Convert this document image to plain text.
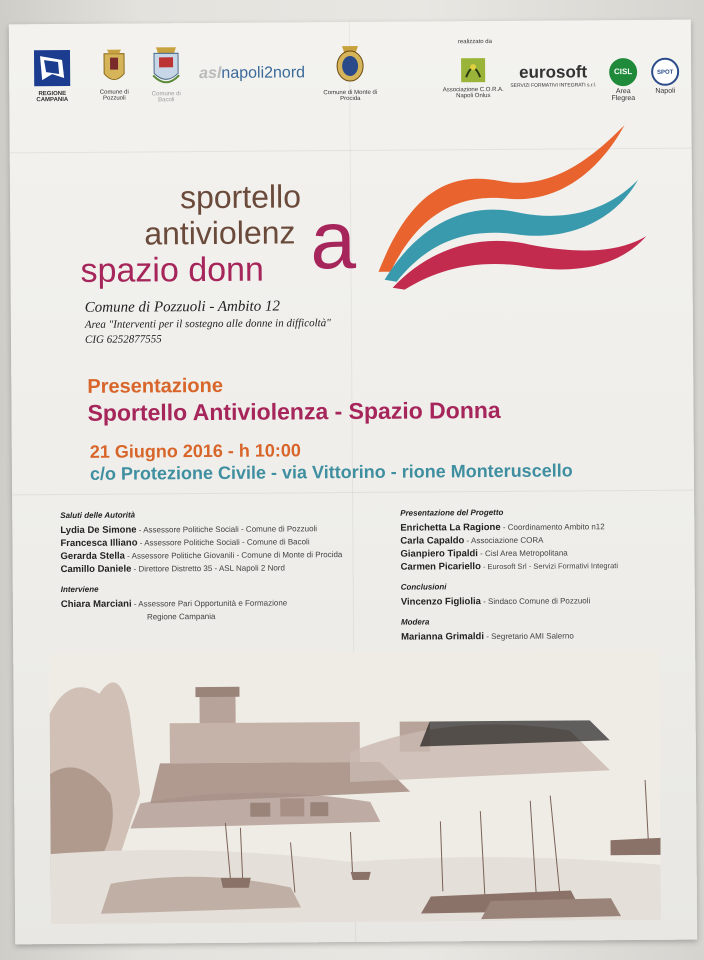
REGIONE CAMPANIA
Comune di Pozzuoli
Comune di Bacoli
aslnapoli2nord
Comune di Monte di Procida
realizzato da
Associazione C.O.R.A. Napoli Onlus
eurosoft
SERVIZI FORMATIVI INTEGRATI s.r.l.
CISL
Area Flegrea
SPOT
Napoli
sportello
antiviolenz
spazio donn a
Comune di Pozzuoli - Ambito 12
Area "Interventi per il sostegno alle donne in difficoltà"
CIG 6252877555
Presentazione
Sportello Antiviolenza - Spazio Donna
21 Giugno 2016 - h 10:00
c/o Protezione Civile - via Vittorino - rione Monteruscello
Saluti delle Autorità
Lydia De Simone - Assessore Politiche Sociali - Comune di Pozzuoli
Francesca Illiano - Assessore Politiche Sociali - Comune di Bacoli
Gerarda Stella - Assessore Politiche Giovanili - Comune di Monte di Procida
Camillo Daniele - Direttore Distretto 35 - ASL Napoli 2 Nord
Interviene
Chiara Marciani - Assessore Pari Opportunità e Formazione
Regione Campania
Presentazione del Progetto
Enrichetta La Ragione - Coordinamento Ambito n12
Carla Capaldo - Associazione CORA
Gianpiero Tipaldi - Cisl Area Metropolitana
Carmen Picariello - Eurosoft Srl - Servizi Formativi Integrati
Conclusioni
Vincenzo Figliolia - Sindaco Comune di Pozzuoli
Modera
Marianna Grimaldi - Segretario AMI Salerno
